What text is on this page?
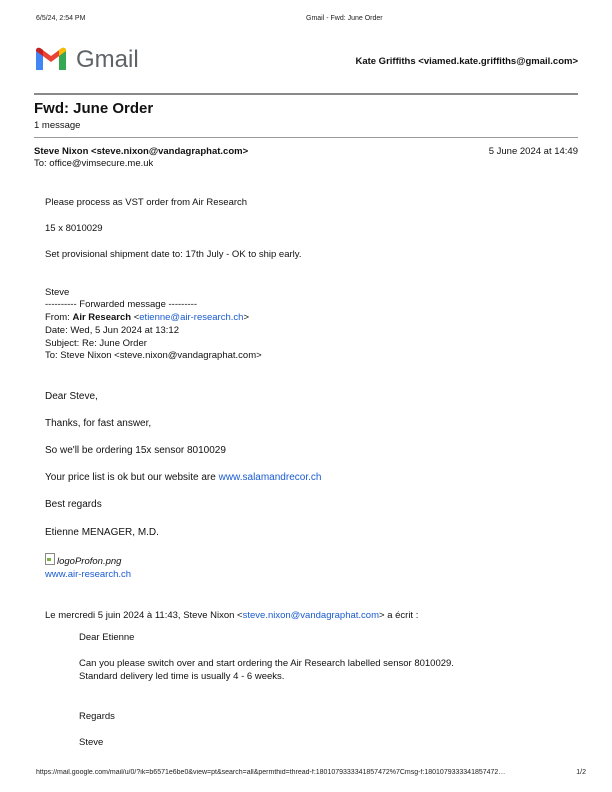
6/5/24, 2:54 PM	Gmail - Fwd: June Order
Gmail	Kate Griffiths <viamed.kate.griffiths@gmail.com>
Fwd: June Order
1 message
Steve Nixon <steve.nixon@vandagraphat.com>	5 June 2024 at 14:49
To: office@vimsecure.me.uk
Please process as VST order from Air Research
15 x 8010029
Set provisional shipment date to: 17th July - OK to ship early.
Steve
---------- Forwarded message ---------
From: Air Research <etienne@air-research.ch>
Date: Wed, 5 Jun 2024 at 13:12
Subject: Re: June Order
To: Steve Nixon <steve.nixon@vandagraphat.com>
Dear Steve,
Thanks, for fast answer,
So we'll be ordering 15x sensor 8010029
Your price list is ok but our website are www.salamandrecor.ch
Best regards
Etienne MENAGER, M.D.
logoProfon.png
www.air-research.ch
Le mercredi 5 juin 2024 à 11:43, Steve Nixon <steve.nixon@vandagraphat.com> a écrit :
Dear Etienne
Can you please switch over and start ordering the Air Research labelled sensor 8010029.
Standard delivery led time is usually 4 - 6 weeks.
Regards
Steve
https://mail.google.com/mail/u/0/?ik=b6571e6be0&view=pt&search=all&permthid=thread-f:1801079333341857472%7Cmsg-f:1801079333341857472…	1/2
